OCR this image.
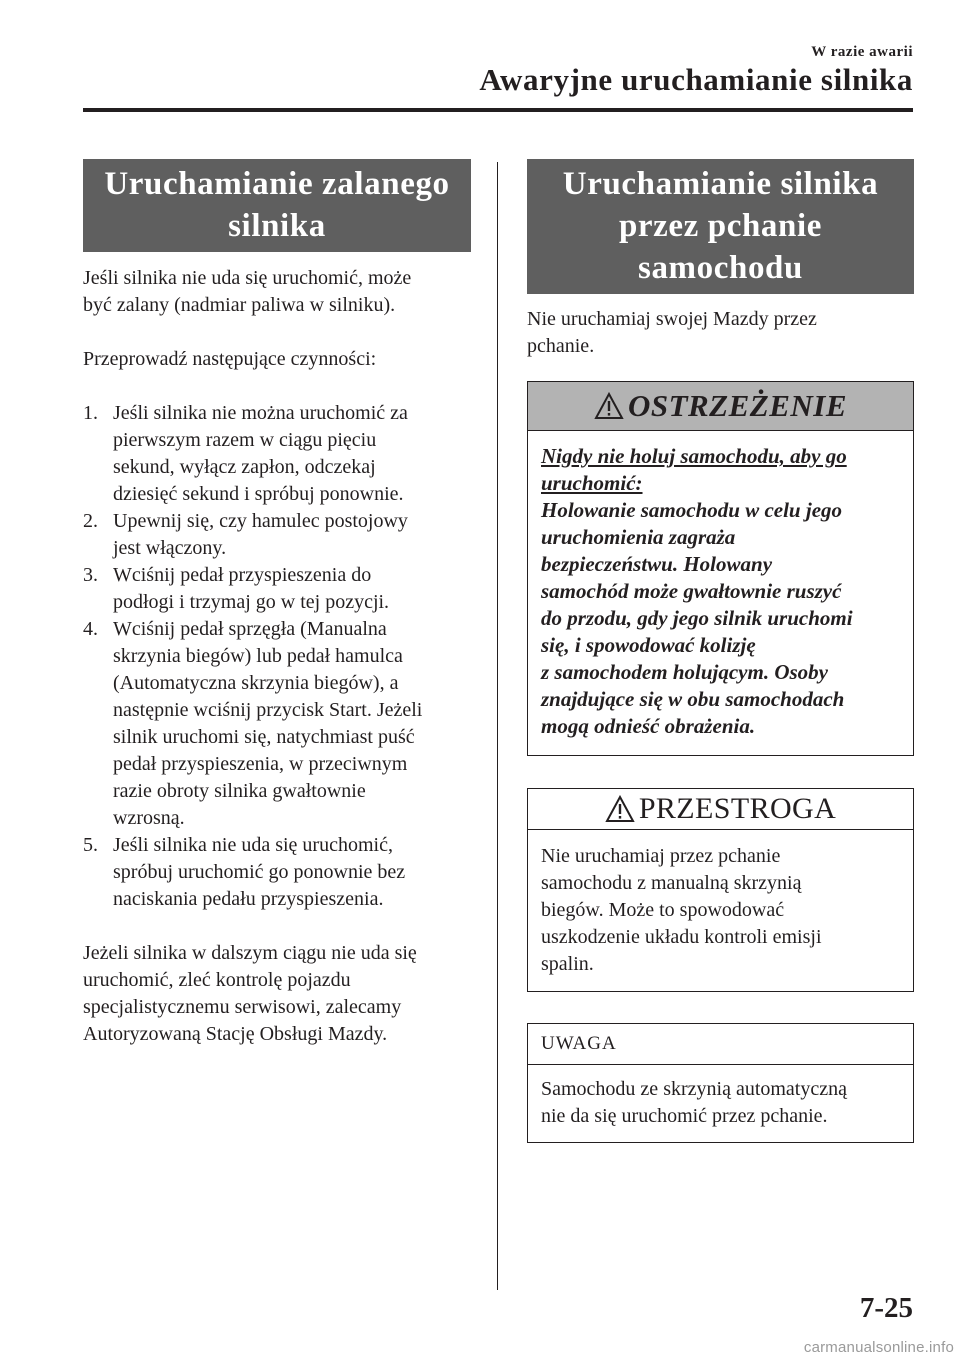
W razie awarii
Awaryjne uruchamianie silnika
Uruchamianie zalanego
silnika

Jeśli silnika nie uda się uruchomić, może

być zalany (nadmiar paliwa w silniku).

Przeprowadź następujące czynności:

1. Jeśli silnika nie można uruchomić za
pierwszym razem w ciągu pięciu
sekund, wyłącz zapłon, odczekaj
dziesięć sekund i spróbuj ponownie.
2. Upewnij się, czy hamulec postojowy
jest włączony.
3. Wciśnij pedał przyspieszenia do
podłogi i trzymaj go w tej pozycji.
4. Wciśnij pedał sprzęgła (Manualna
skrzynia biegów) lub pedał hamulca
(Automatyczna skrzynia biegów), a
następnie wciśnij przycisk Start. Jeżeli
silnik uruchomi się, natychmiast puść
pedał przyspieszenia, w przeciwnym
razie obroty silnika gwałtownie
wzrosną.
5. Jeśli silnika nie uda się uruchomić,
spróbuj uruchomić go ponownie bez
naciskania pedału przyspieszenia.

Jeżeli silnika w dalszym ciągu nie uda się

uruchomić, zleć kontrolę pojazdu

specjalistycznemu serwisowi, zalecamy

Autoryzowaną Stację Obsługi Mazdy.

Uruchamianie silnika
przez pchanie samochodu

Nie uruchamiaj swojej Mazdy przez

pchanie.

OSTRZEŻENIE

Nigdy nie holuj samochodu, aby go

uruchomić:

Holowanie samochodu w celu jego

uruchomienia zagraża

bezpieczeństwu. Holowany

samochód może gwałtownie ruszyć

do przodu, gdy jego silnik uruchomi

się, i spowodować kolizję

z samochodem holującym. Osoby

znajdujące się w obu samochodach

mogą odnieść obrażenia.

PRZESTROGA

Nie uruchamiaj przez pchanie

samochodu z manualną skrzynią

biegów. Może to spowodować

uszkodzenie układu kontroli emisji

spalin.

UWAGA

Samochodu ze skrzynią automatyczną

nie da się uruchomić przez pchanie.

7-25
carmanualsonline.info
